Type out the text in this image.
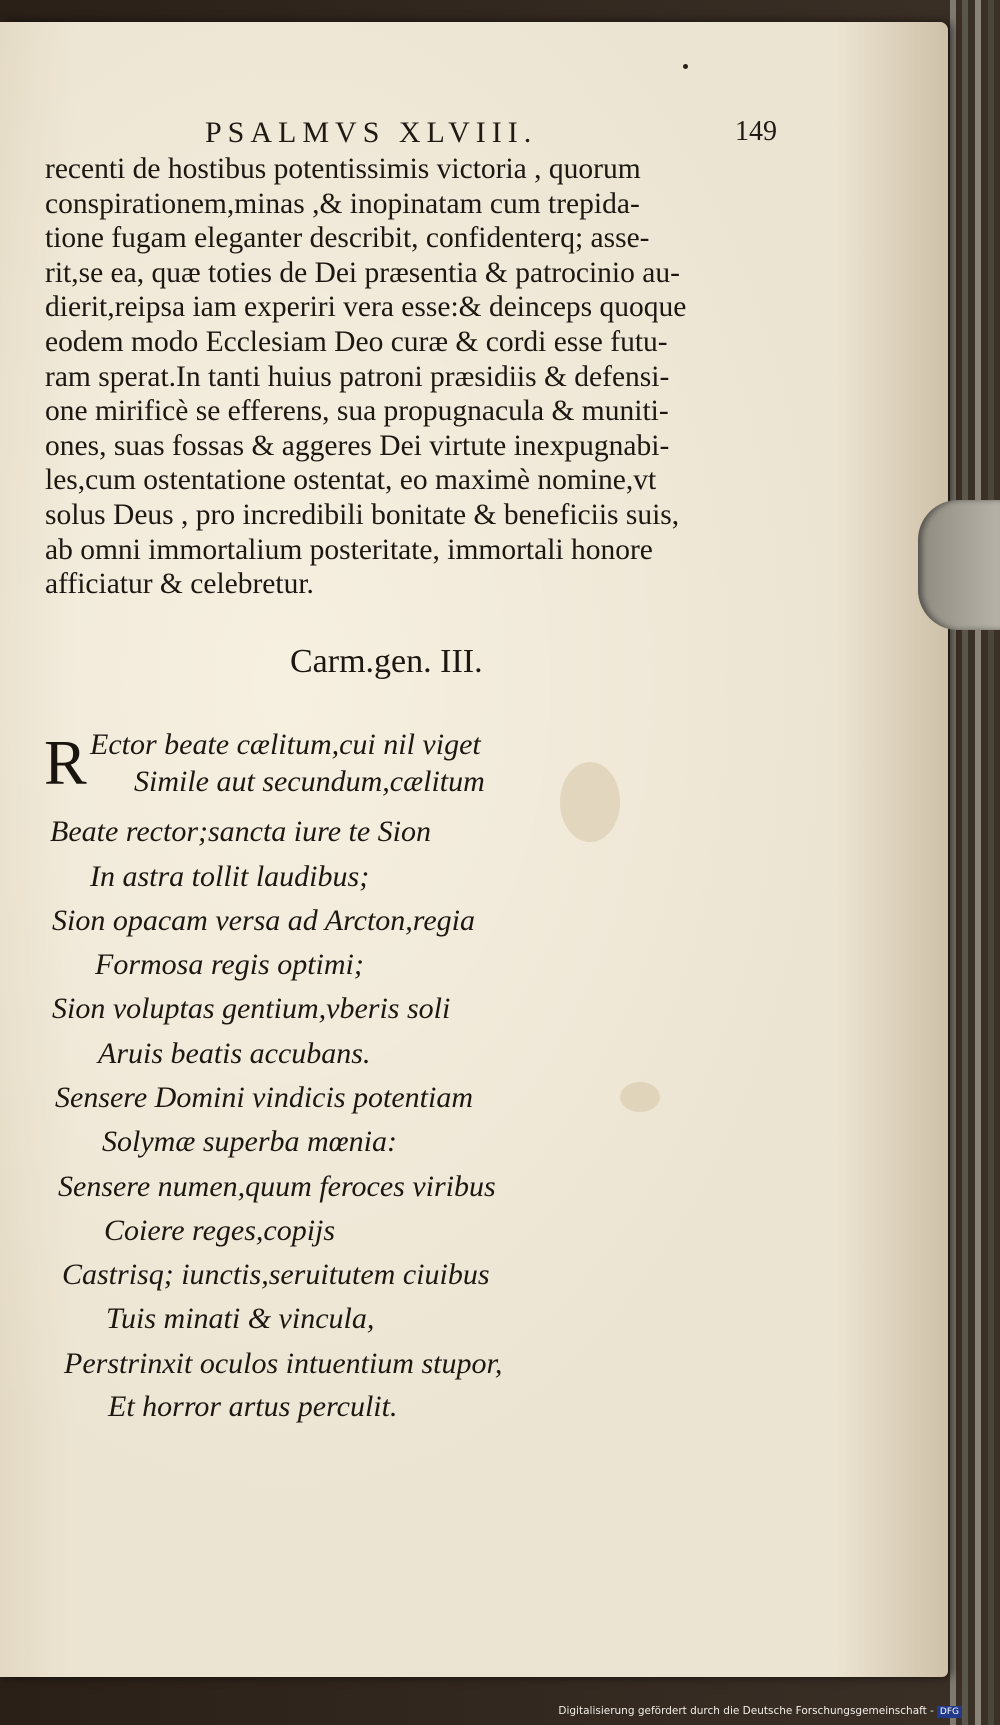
PSALMVS XLVIII.	149
recenti de hostibus potentissimis victoria , quorum
conspirationem,minas ,& inopinatam cum trepida-
tione fugam eleganter describit, confidenterq; asse-
rit,se ea, quæ toties de Dei præsentia & patrocinio au-
dierit,reipsa iam experiri vera esse:& deinceps quoque
eodem modo Ecclesiam Deo curæ & cordi esse futu-
ram sperat.In tanti huius patroni præsidiis & defensi-
one mirificè se efferens, sua propugnacula & muniti-
ones, suas fossas & aggeres Dei virtute inexpugnabi-
les,cum ostentatione ostentat, eo maximè nomine,vt
solus Deus , pro incredibili bonitate & beneficiis suis,
ab omni immortalium posteritate, immortali honore
afficiatur & celebretur.
Carm.gen. III.
R Ector beate cælitum,cui nil viget
Simile aut secundum,cælitum
Beate rector;sancta iure te Sion
In astra tollit laudibus;
Sion opacam versa ad Arcton,regia
Formosa regis optimi;
Sion voluptas gentium,vberis soli
Aruis beatis accubans.
Sensere Domini vindicis potentiam
Solymæ superba mœnia:
Sensere numen,quum feroces viribus
Coiere reges,copijs
Castrisq; iunctis,seruitutem ciuibus
Tuis minati & vincula,
Perstrinxit oculos intuentium stupor,
Et horror artus perculit.
Digitalisierung gefördert durch die Deutsche Forschungsgemeinschaft - DFG
